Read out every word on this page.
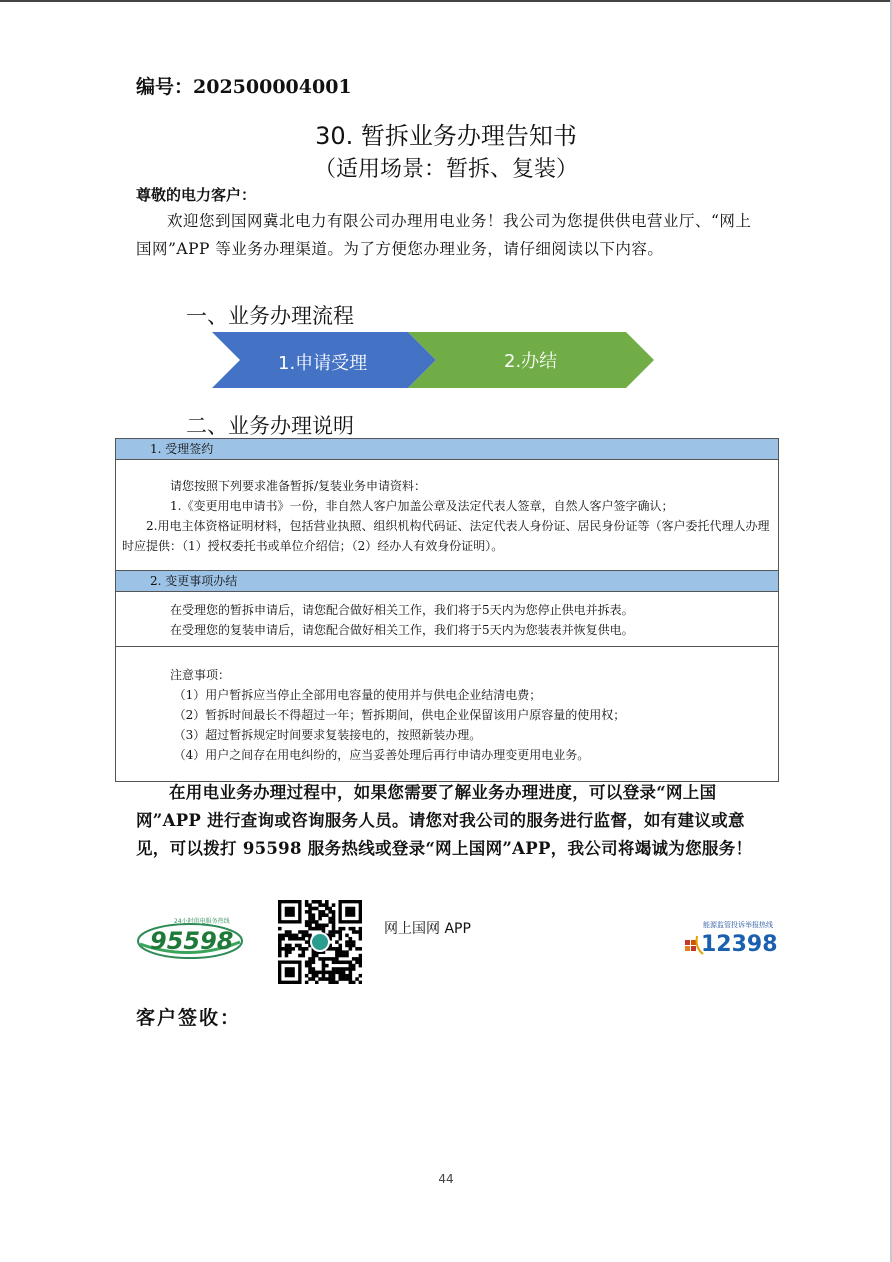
编号：202500004001
30. 暂拆业务办理告知书
（适用场景：暂拆、复装）
尊敬的电力客户：
欢迎您到国网冀北电力有限公司办理用电业务！我公司为您提供供电营业厅、“网上国网”APP 等业务办理渠道。为了方便您办理业务，请仔细阅读以下内容。
一、业务办理流程
1.申请受理	2.办结
二、业务办理说明
1. 受理签约

请您按照下列要求准备暂拆/复装业务申请资料：

1.《变更用电申请书》一份，非自然人客户加盖公章及法定代表人签章，自然人客户签字确认；

2.用电主体资格证明材料，包括营业执照、组织机构代码证、法定代表人身份证、居民身份证等（客户委托代理人办理时应提供：（1）授权委托书或单位介绍信；（2）经办人有效身份证明）。

2. 变更事项办结

在受理您的暂拆申请后，请您配合做好相关工作，我们将于5天内为您停止供电并拆表。

在受理您的复装申请后，请您配合做好相关工作，我们将于5天内为您装表并恢复供电。

注意事项：

（1）用户暂拆应当停止全部用电容量的使用并与供电企业结清电费；

（2）暂拆时间最长不得超过一年；暂拆期间，供电企业保留该用户原容量的使用权；

（3）超过暂拆规定时间要求复装接电的，按照新装办理。

（4）用户之间存在用电纠纷的，应当妥善处理后再行申请办理变更用电业务。

在用电业务办理过程中，如果您需要了解业务办理进度，可以登录“网上国网”APP 进行查询或咨询服务人员。请您对我公司的服务进行监督，如有建议或意见，可以拨打 95598 服务热线或登录“网上国网”APP，我公司将竭诚为您服务！
95598
24小时供电服务热线	网上国网 APP	能源监管投诉举报热线
12398
客户签收：
44
